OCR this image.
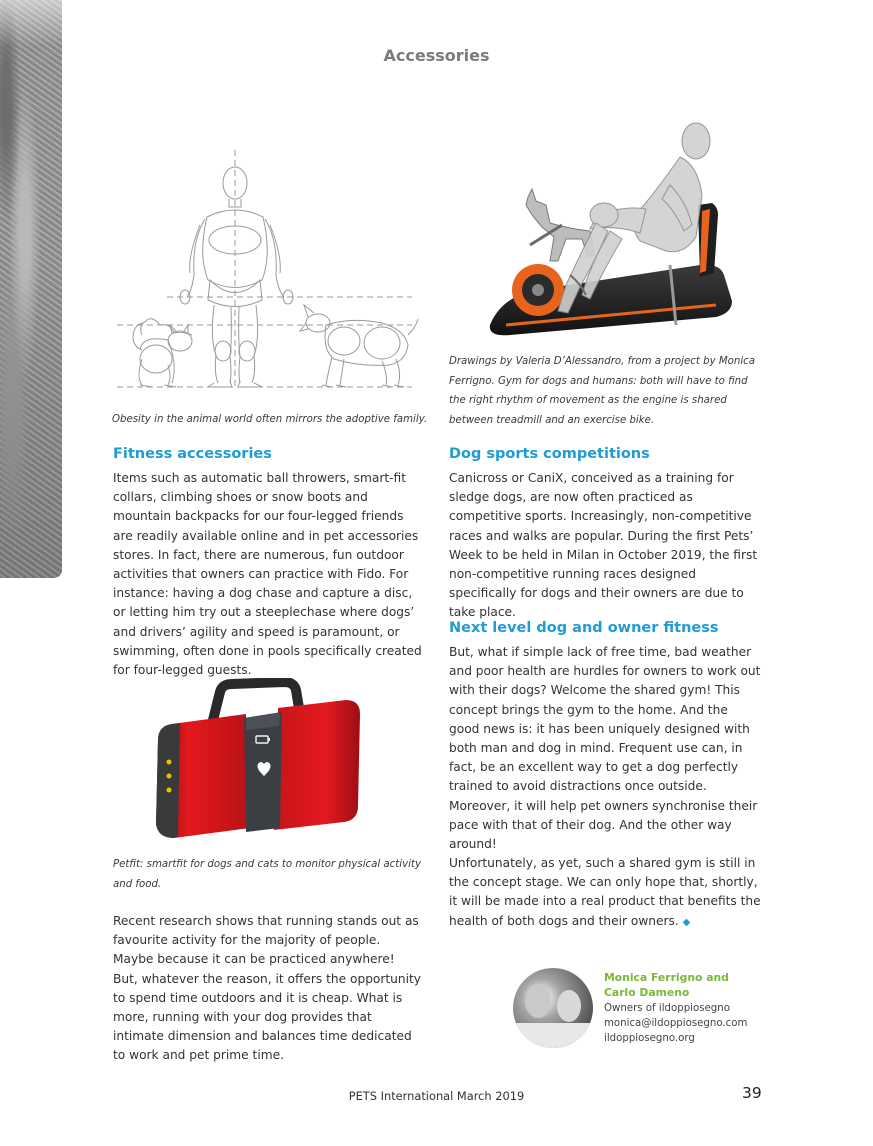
Accessories

Obesity in the animal world often mirrors the adoptive family.

Drawings by Valeria D’Alessandro, from a project by Monica Ferrigno. Gym for dogs and humans: both will have to find the right rhythm of movement as the engine is shared between treadmill and an exercise bike.

Fitness accessories

Items such as automatic ball throwers, smart-fit collars, climbing shoes or snow boots and mountain backpacks for our four-legged friends are readily available online and in pet accessories stores. In fact, there are numerous, fun outdoor activities that owners can practice with Fido. For instance: having a dog chase and capture a disc, or letting him try out a steeplechase where dogs’ and drivers’ agility and speed is paramount, or swimming, often done in pools specifically created for four-legged guests.

Petfit: smartfit for dogs and cats to monitor physical activity and food.

Recent research shows that running stands out as favourite activity for the majority of people. Maybe because it can be practiced anywhere! But, whatever the reason, it offers the opportunity to spend time outdoors and it is cheap. What is more, running with your dog provides that intimate dimension and balances time dedicated to work and pet prime time.

Dog sports competitions

Canicross or CaniX, conceived as a training for sledge dogs, are now often practiced as competitive sports. Increasingly, non-competitive races and walks are popular. During the first Pets’ Week to be held in Milan in October 2019, the first non-competitive running races designed specifically for dogs and their owners are due to take place.

Next level dog and owner fitness

But, what if simple lack of free time, bad weather and poor health are hurdles for owners to work out with their dogs? Welcome the shared gym! This concept brings the gym to the home. And the good news is: it has been uniquely designed with both man and dog in mind. Frequent use can, in fact, be an excellent way to get a dog perfectly trained to avoid distractions once outside. Moreover, it will help pet owners synchronise their pace with that of their dog. And the other way around!

Unfortunately, as yet, such a shared gym is still in the concept stage. We can only hope that, shortly, it will be made into a real product that benefits the health of both dogs and their owners. ◆

Monica Ferrigno and Carlo Dameno

Owners of ildoppiosegno

monica@ildoppiosegno.com

ildoppiosegno.org

PETS International March 2019	39
